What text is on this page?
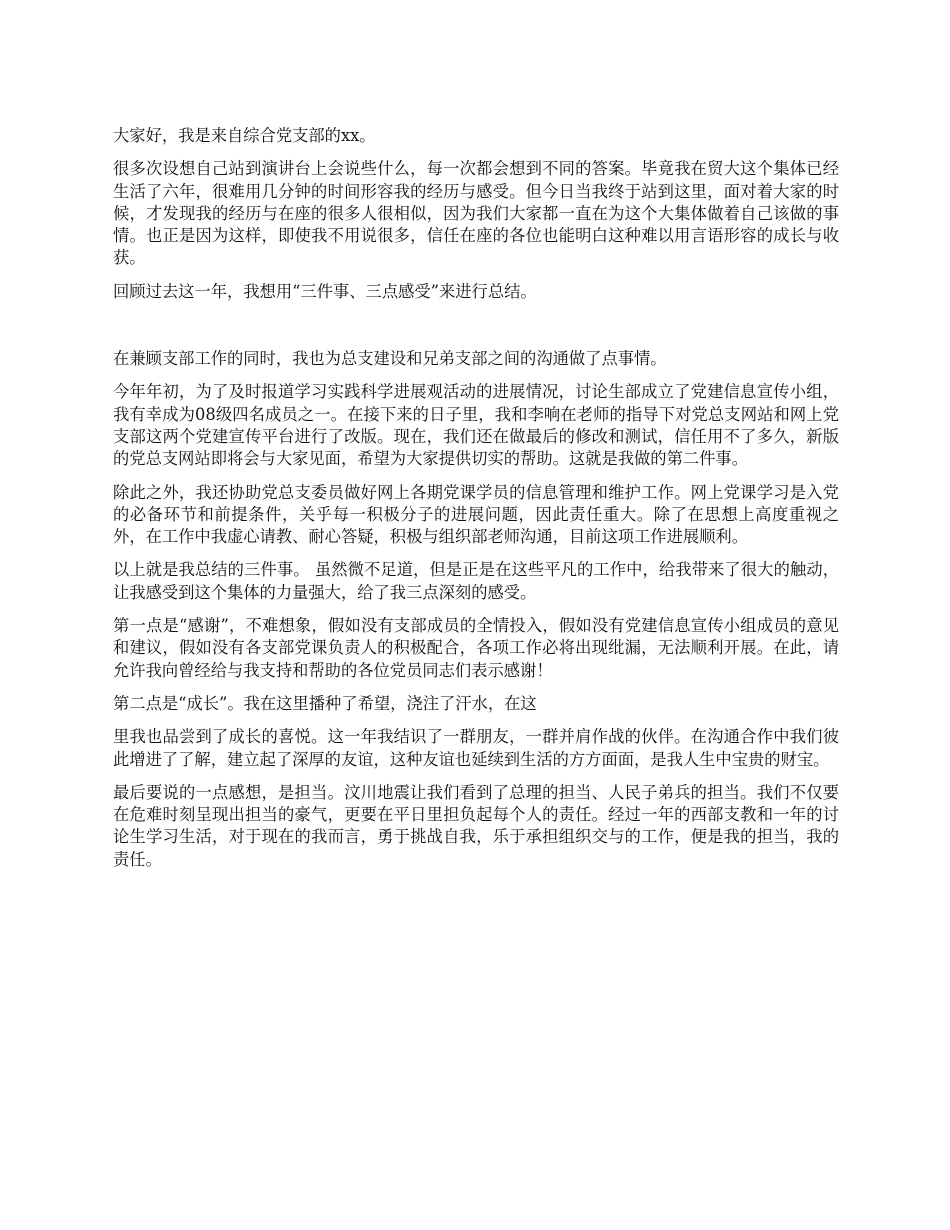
大家好，我是来自综合党支部的xx。

很多次设想自己站到演讲台上会说些什么，每一次都会想到不同的答案。毕竟我在贸大这个集体已经生活了六年，很难用几分钟的时间形容我的经历与感受。但今日当我终于站到这里，面对着大家的时候，才发现我的经历与在座的很多人很相似，因为我们大家都一直在为这个大集体做着自己该做的事情。也正是因为这样，即使我不用说很多，信任在座的各位也能明白这种难以用言语形容的成长与收获。

回顾过去这一年，我想用“三件事、三点感受”来进行总结。

在兼顾支部工作的同时，我也为总支建设和兄弟支部之间的沟通做了点事情。

今年年初，为了及时报道学习实践科学进展观活动的进展情况，讨论生部成立了党建信息宣传小组，我有幸成为08级四名成员之一。在接下来的日子里，我和李响在老师的指导下对党总支网站和网上党支部这两个党建宣传平台进行了改版。现在，我们还在做最后的修改和测试，信任用不了多久，新版的党总支网站即将会与大家见面，希望为大家提供切实的帮助。这就是我做的第二件事。

除此之外，我还协助党总支委员做好网上各期党课学员的信息管理和维护工作。网上党课学习是入党的必备环节和前提条件，关乎每一积极分子的进展问题，因此责任重大。除了在思想上高度重视之外，在工作中我虚心请教、耐心答疑，积极与组织部老师沟通，目前这项工作进展顺利。

以上就是我总结的三件事。 虽然微不足道，但是正是在这些平凡的工作中，给我带来了很大的触动，让我感受到这个集体的力量强大，给了我三点深刻的感受。

第一点是“感谢”，不难想象，假如没有支部成员的全情投入，假如没有党建信息宣传小组成员的意见和建议，假如没有各支部党课负责人的积极配合，各项工作必将出现纰漏，无法顺利开展。在此，请允许我向曾经给与我支持和帮助的各位党员同志们表示感谢！

第二点是“成长”。我在这里播种了希望，浇注了汗水，在这

里我也品尝到了成长的喜悦。这一年我结识了一群朋友，一群并肩作战的伙伴。在沟通合作中我们彼此增进了了解，建立起了深厚的友谊，这种友谊也延续到生活的方方面面，是我人生中宝贵的财宝。

最后要说的一点感想，是担当。汶川地震让我们看到了总理的担当、人民子弟兵的担当。我们不仅要在危难时刻呈现出担当的豪气，更要在平日里担负起每个人的责任。经过一年的西部支教和一年的讨论生学习生活，对于现在的我而言，勇于挑战自我，乐于承担组织交与的工作，便是我的担当，我的责任。
